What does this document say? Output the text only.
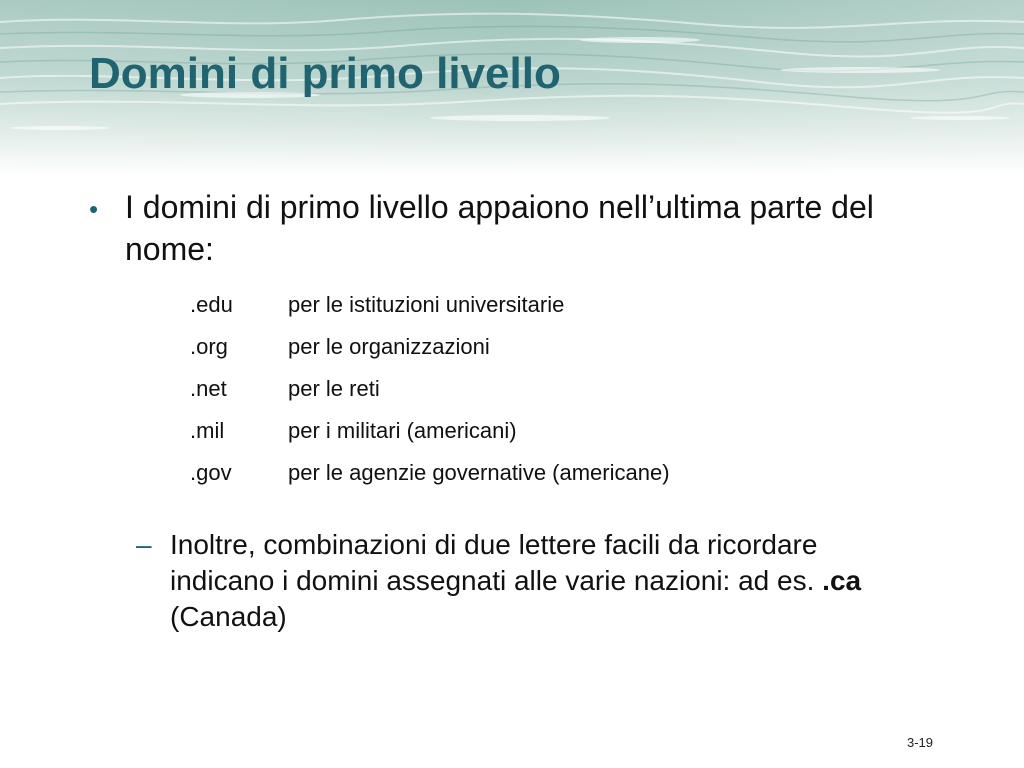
Domini di primo livello
• I domini di primo livello appaiono nell’ultima parte del nome:
.edu	per le istituzioni universitarie
.org	per le organizzazioni
.net	per le reti
.mil	per i militari (americani)
.gov	per le agenzie governative (americane)
– Inoltre, combinazioni di due lettere facili da ricordare indicano i domini assegnati alle varie nazioni: ad es. .ca (Canada)
3-19
